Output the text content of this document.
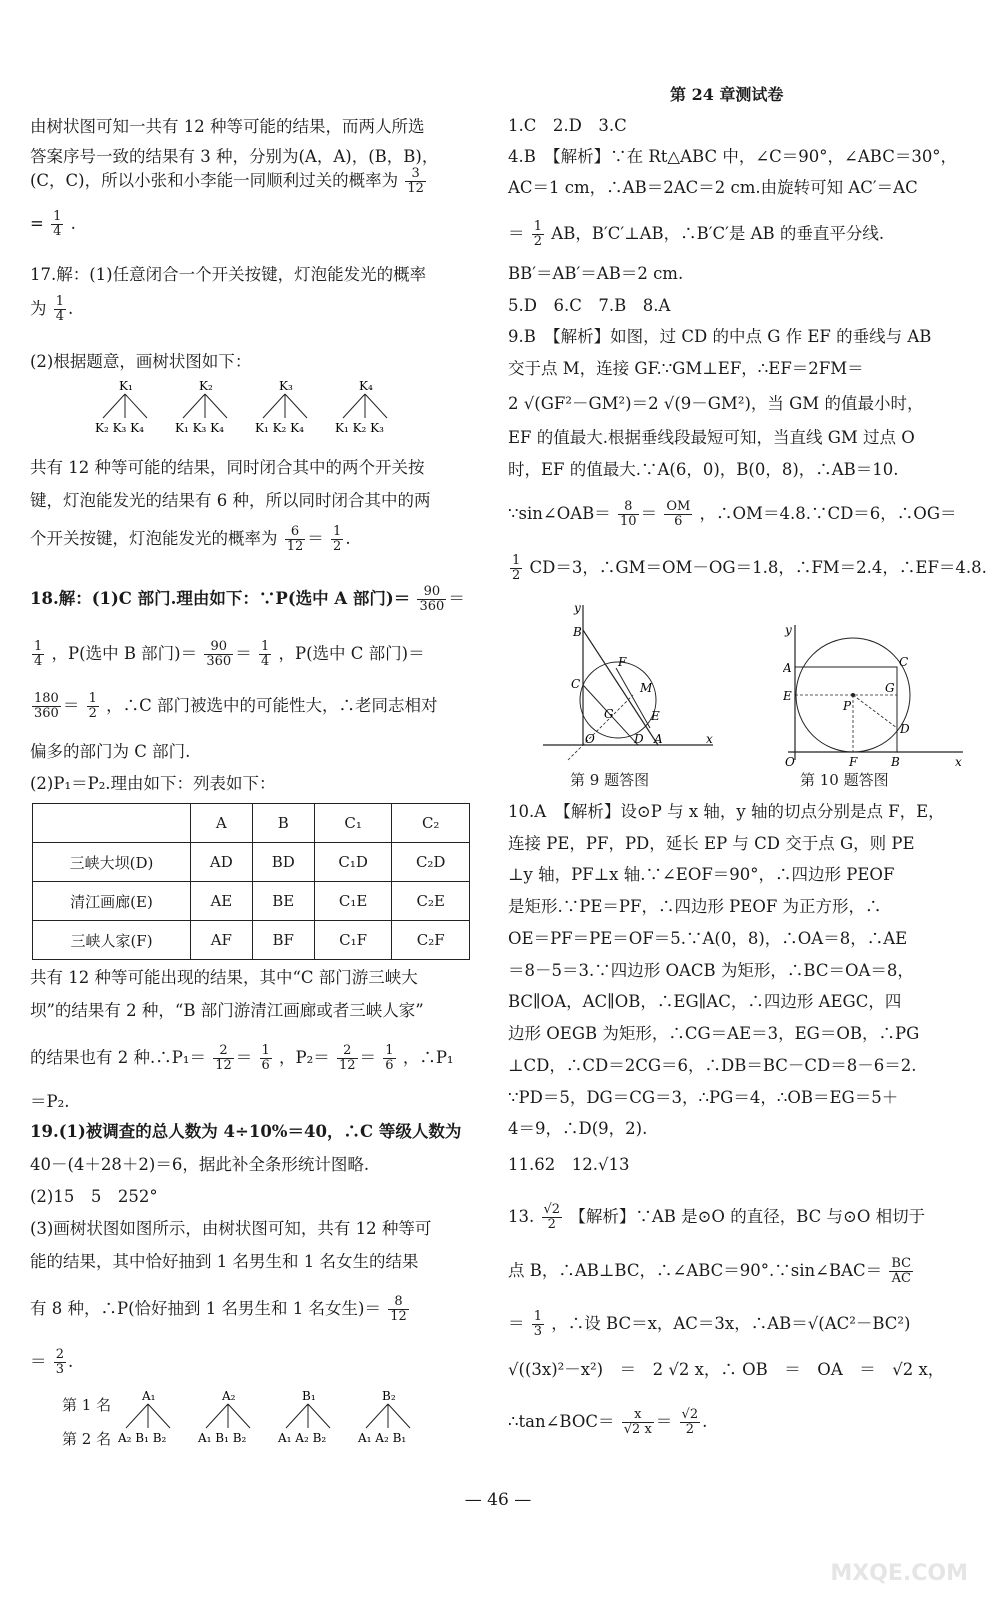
由树状图可知一共有 12 种等可能的结果，而两人所选
答案序号一致的结果有 3 种，分别为(A，A)，(B，B)，
(C，C)，所以小张和小李能一同顺利过关的概率为 $\frac{3}{12}$
= $\frac{1}{4}$ .
17.解：(1)任意闭合一个开关按键，灯泡能发光的概率
为 $\frac{1}{4}$ .
(2)根据题意，画树状图如下：
K₁
K₂ K₃ K₄
K₂
K₁ K₃ K₄
K₃
K₁ K₂ K₄
K₄
K₁ K₂ K₃
共有 12 种等可能的结果，同时闭合其中的两个开关按
键，灯泡能发光的结果有 6 种，所以同时闭合其中的两
个开关按键，灯泡能发光的概率为 $\frac{6}{12} = \frac{1}{2}$ .
18.解：(1)C 部门.理由如下：∵P(选中 A 部门)＝ $\frac{90}{360}$ ＝
$\frac{1}{4}$ ，P(选中 B 部门)＝ $\frac{90}{360} = \frac{1}{4}$ ，P(选中 C 部门)＝
$\frac{180}{360} = \frac{1}{2}$ ，∴C 部门被选中的可能性大，∴老同志相对
偏多的部门为 C 部门.
(2)P₁＝P₂.理由如下：列表如下：
	A	B	C₁	C₂
三峡大坝(D)	AD	BD	C₁D	C₂D
清江画廊(E)	AE	BE	C₁E	C₂E
三峡人家(F)	AF	BF	C₁F	C₂F
共有 12 种等可能出现的结果，其中“C 部门游三峡大
坝”的结果有 2 种，“B 部门游清江画廊或者三峡人家”
的结果也有 2 种.∴P₁＝ $\frac{2}{12} = \frac{1}{6}$ ，$P_2= \frac{2}{12} = \frac{1}{6}$ ，∴P₁
＝P₂.
19.(1)被调查的总人数为 4÷10%＝40，∴C 等级人数为
40－(4＋28＋2)＝6，据此补全条形统计图略.
(2)15　5　252°
(3)画树状图如图所示，由树状图可知，共有 12 种等可
能的结果，其中恰好抽到 1 名男生和 1 名女生的结果
有 8 种，∴P(恰好抽到 1 名男生和 1 名女生)＝ $\frac{8}{12}$
＝ $\frac{2}{3}$ .
第 1 名
第 2 名
A₁
A₂ B₁ B₂
A₂
A₁ B₁ B₂
B₁
A₁ A₂ B₂
B₂
A₁ A₂ B₁
第 24 章测试卷
1.C　2.D　3.C
4.B　【解析】∵在 Rt△ABC 中，∠C＝90°，∠ABC＝30°，
AC＝1 cm，∴AB＝2AC＝2 cm.由旋转可知 AC′＝AC
＝ $\frac{1}{2}$ AB，B′C′⊥AB，∴B′C′是 AB 的垂直平分线.
BB′＝AB′＝AB＝2 cm.
5.D　6.C　7.B　8.A
9.B　【解析】如图，过 CD 的中点 G 作 EF 的垂线与 AB
交于点 M，连接 GF.∵GM⊥EF，∴EF＝2FM＝
2 √(GF²－GM²)＝2 √(9－GM²)，当 GM 的值最小时，
EF 的值最大.根据垂线段最短可知，当直线 GM 过点 O
时，EF 的值最大.∵A(6，0)，B(0，8)，∴AB＝10.
∵sin∠OAB＝ $\frac{8}{10} = \frac{OM}{6}$ ，∴OM＝4.8.∵CD＝6，∴OG＝
$\frac{1}{2} CD=3$，∴GM＝OM－OG＝1.8，∴FM＝2.4，∴EF＝4.8.
y
B
F
C	M
G	E
O	D A	x
第 9 题答图
y
A	C
E
P
G
D
O	F	B	x
第 10 题答图
10.A　【解析】设⊙P 与 x 轴，y 轴的切点分别是点 F，E，
连接 PE，PF，PD，延长 EP 与 CD 交于点 G，则 PE
⊥y 轴，PF⊥x 轴.∵∠EOF＝90°，∴四边形 PEOF
是矩形.∵PE＝PF，∴四边形 PEOF 为正方形，∴
OE＝PF＝PE＝OF＝5.∵A(0，8)，∴OA＝8，∴AE
＝8－5＝3.∵四边形 OACB 为矩形，∴BC＝OA＝8，
BC∥OA，AC∥OB，∴EG∥AC，∴四边形 AEGC，四
边形 OEGB 为矩形，∴CG＝AE＝3，EG＝OB，∴PG
⊥CD，∴CD＝2CG＝6，∴DB＝BC－CD＝8－6＝2.
∵PD＝5，DG＝CG＝3，∴PG＝4，∴OB＝EG＝5＋
4＝9，∴D(9，2).
11.62　12.√13
13. $\frac{√2}{2}$ 【解析】∵AB 是⊙O 的直径，BC 与⊙O 相切于
点 B，∴AB⊥BC，∴∠ABC＝90°.∵sin∠BAC＝ $\frac{BC}{AC}$
＝ $\frac{1}{3}$ ，∴设 BC＝x，AC＝3x，∴AB＝√(AC²－BC²)
√((3x)²－x²)　＝　2 √2 x，∴ OB　＝　OA　＝　√2 x，
∴tan∠BOC＝ $\frac{x}{√2 x} = \frac{√2}{2}$ .
— 46 —
MXQE.COM
